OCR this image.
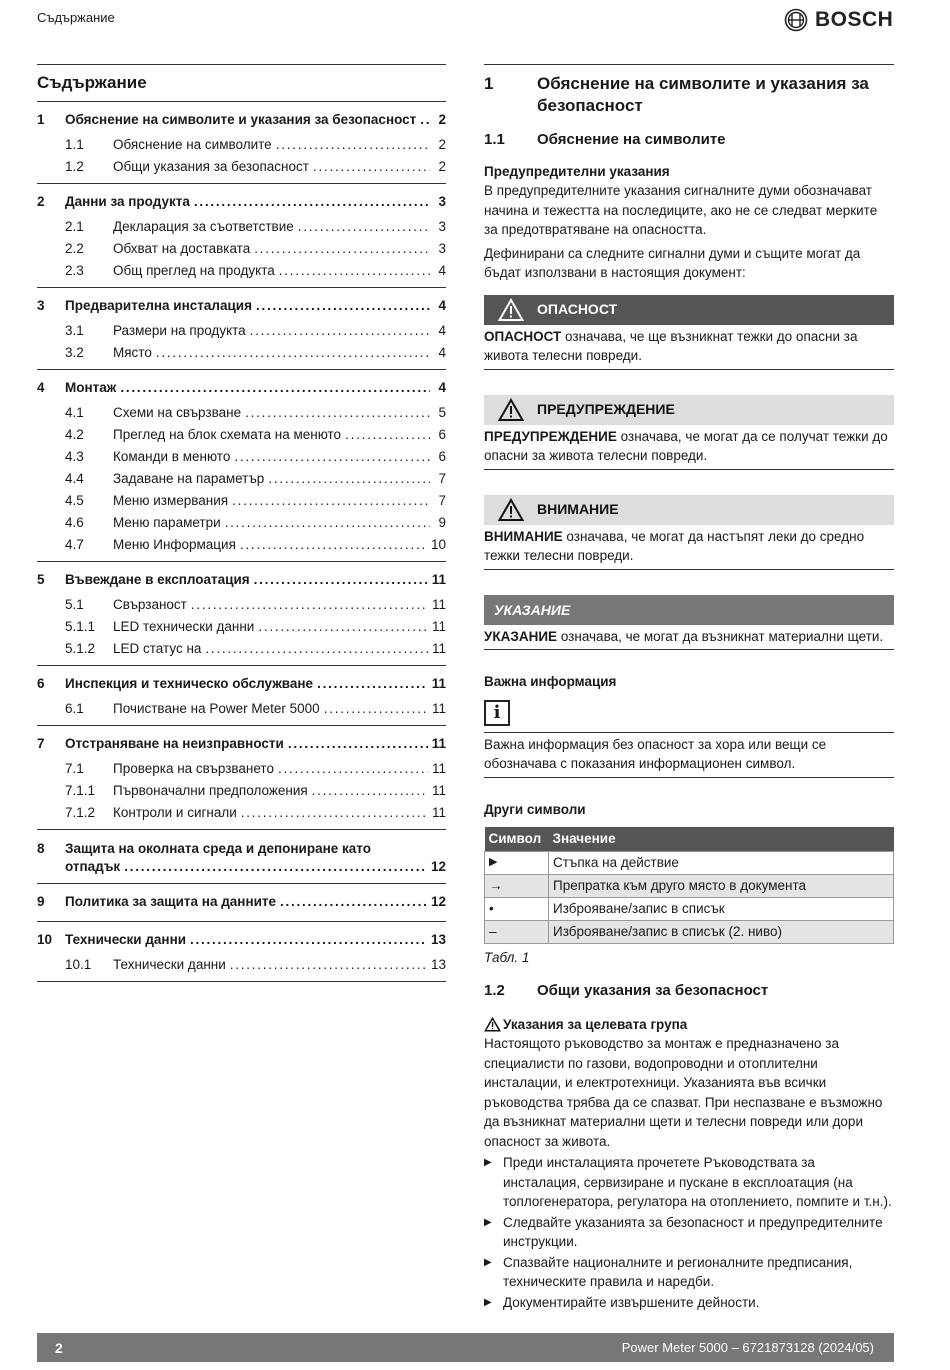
Съдържание	BOSCH
Съдържание
1	Обяснение на символите и указания за безопасност . . .	2
1.1	Обяснение на символите . . .	2
1.2	Общи указания за безопасност . . .	2
2	Данни за продукта . . .	3
2.1	Декларация за съответствие . . .	3
2.2	Обхват на доставката . . .	3
2.3	Общ преглед на продукта . . .	4
3	Предварителна инсталация . . .	4
3.1	Размери на продукта . . .	4
3.2	Място . . .	4
4	Монтаж . . .	4
4.1	Схеми на свързване . . .	5
4.2	Преглед на блок схемата на менюто . . .	6
4.3	Команди в менюто . . .	6
4.4	Задаване на параметър . . .	7
4.5	Меню измервания . . .	7
4.6	Меню параметри . . .	9
4.7	Меню Информация . . .	10
5	Въвеждане в експлоатация . . .	11
5.1	Свързаност . . .	11
5.1.1	LED технически данни . . .	11
5.1.2	LED статус на . . .	11
6	Инспекция и техническо обслужване . . .	11
6.1	Почистване на Power Meter 5000 . . .	11
7	Отстраняване на неизправности . . .	11
7.1	Проверка на свързването . . .	11
7.1.1	Първоначални предположения . . .	11
7.1.2	Контроли и сигнали . . .	11
8	Защита на околната среда и депониране като
отпадък . . .	12
9	Политика за защита на данните . . .	12
10 Технически данни . . .	13
10.1	Технически данни . . .	13
1	Обяснение на символите и указания за безопасност
1.1	Обяснение на символите
Предупредителни указания

В предупредителните указания сигналните думи обозначават начина и тежестта на последиците, ако не се следват мерките за предотвратяване на опасността.

Дефинирани са следните сигнални думи и същите могат да бъдат използвани в настоящия документ:

ОПАСНОСТ
ОПАСНОСТ означава, че ще възникнат тежки до опасни за живота телесни повреди.
ПРЕДУПРЕЖДЕНИЕ
ПРЕДУПРЕЖДЕНИЕ означава, че могат да се получат тежки до опасни за живота телесни повреди.
ВНИМАНИЕ
ВНИМАНИЕ означава, че могат да настъпят леки до средно тежки телесни повреди.
УКАЗАНИЕ
УКАЗАНИЕ означава, че могат да възникнат материални щети.
Важна информация
i
Важна информация без опасност за хора или вещи се обозначава с показания информационен символ.
Други символи
Символ	Значение
▶	Стъпка на действие
→	Препратка към друго място в документа
•	Изброяване/запис в списък
–	Изброяване/запис в списък (2. ниво)
Табл. 1
1.2	Общи указания за безопасност
Указания за целевата група

Настоящото ръководство за монтаж е предназначено за специалисти по газови, водопроводни и отоплителни инсталации, и електротехници. Указанията във всички ръководства трябва да се спазват. При неспазване е възможно да възникнат материални щети и телесни повреди или дори опасност за живота.

▶ Преди инсталацията прочетете Ръководствата за инсталация, сервизиране и пускане в експлоатация (на топлогенератора, регулатора на отоплението, помпите и т.н.).
▶ Следвайте указанията за безопасност и предупредителните инструкции.
▶ Спазвайте националните и регионалните предписания, техническите правила и наредби.
▶ Документирайте извършените дейности.
2	Power Meter 5000 – 6721873128 (2024/05)
